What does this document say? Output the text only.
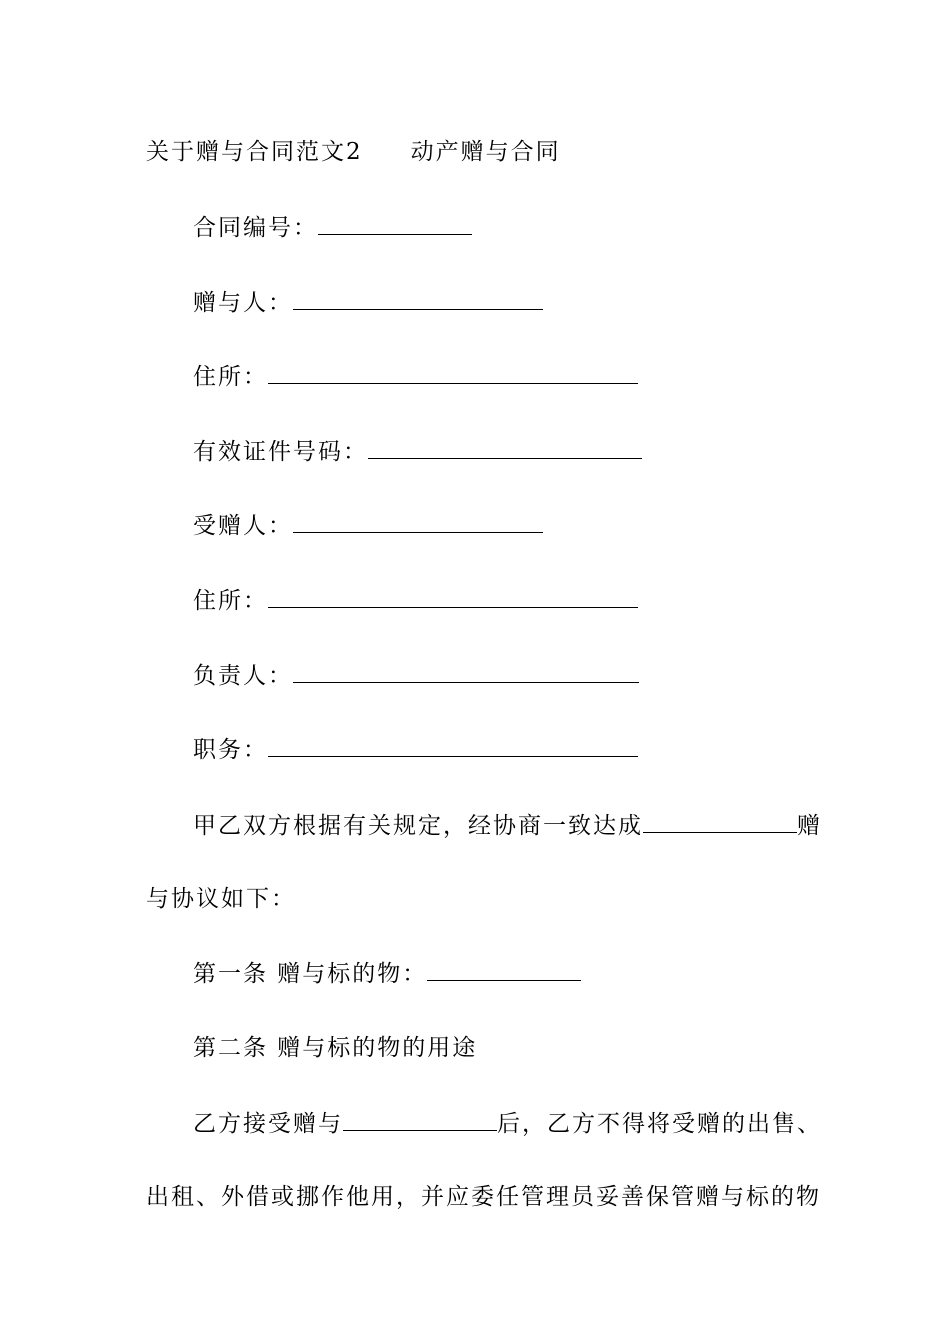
关于赠与合同范文2 动产赠与合同
合同编号：
赠与人：
住所：
有效证件号码：
受赠人：
住所：
负责人：
职务：
甲乙双方根据有关规定，经协商一致达成	赠
与协议如下：
第一条 赠与标的物：
第二条 赠与标的物的用途
乙方接受赠与	后，乙方不得将受赠的出售、
出租、外借或挪作他用，并应委任管理员妥善保管赠与标的物
